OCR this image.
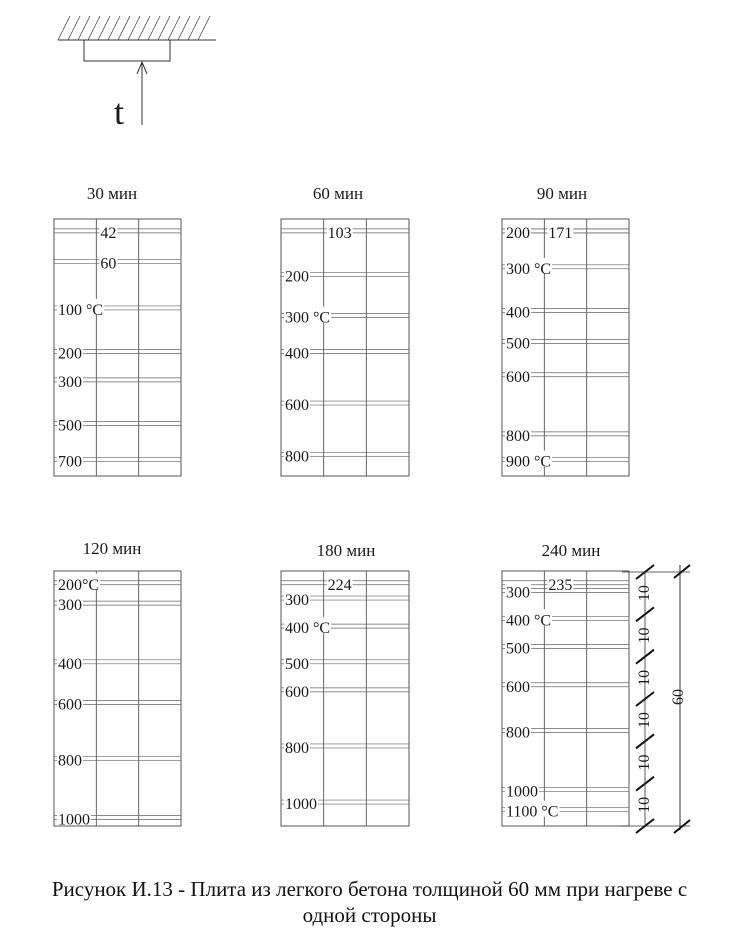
t
30 мин
42
60
100 °C
200
300
500
700
60 мин
103
200
300 °C
400
600
800
90 мин
200 171
300 °C
400
500
600
800
900 °C
120 мин
200°C
300
400
600
800
1000
180 мин
224
300
400 °C
500
600
800
1000
240 мин
235
300
400 °C
500
600
800
1000
1100 °C
60
10
10
10
10
10
10
Рисунок И.13 - Плита из легкого бетона толщиной 60 мм при нагреве с
одной стороны
